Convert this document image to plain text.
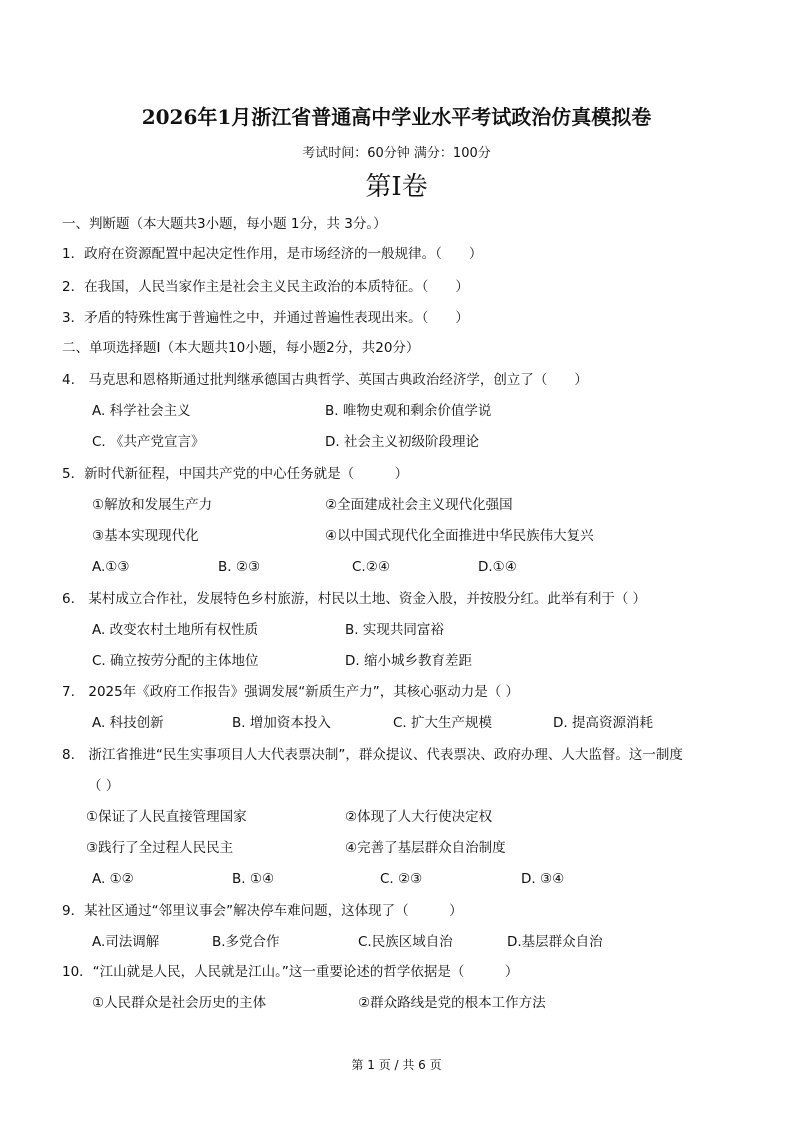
2026年1月浙江省普通高中学业水平考试政治仿真模拟卷
考试时间：60分钟 满分：100分
第Ⅰ卷
一、判断题（本大题共3小题，每小题 1分，共 3分。）
1．政府在资源配置中起决定性作用，是市场经济的一般规律。（　　）
2．在我国，人民当家作主是社会主义民主政治的本质特征。（　　）
3．矛盾的特殊性寓于普遍性之中，并通过普遍性表现出来。（　　）
二、单项选择题Ⅰ（本大题共10小题，每小题2分，共20分）
4.　马克思和恩格斯通过批判继承德国古典哲学、英国古典政治经济学，创立了（　　）
A. 科学社会主义	B. 唯物史观和剩余价值学说
C. 《共产党宣言》	D. 社会主义初级阶段理论
5．新时代新征程，中国共产党的中心任务就是（　　　）
①解放和发展生产力	②全面建成社会主义现代化强国
③基本实现现代化	④以中国式现代化全面推进中华民族伟大复兴
A.①③	B. ②③	C.②④	D.①④
6.　某村成立合作社，发展特色乡村旅游，村民以土地、资金入股，并按股分红。此举有利于（ ）
A. 改变农村土地所有权性质	B. 实现共同富裕
C. 确立按劳分配的主体地位	D. 缩小城乡教育差距
7.　2025年《政府工作报告》强调发展“新质生产力”，其核心驱动力是（ ）
A. 科技创新	B. 增加资本投入	C. 扩大生产规模	D. 提高资源消耗
8.　浙江省推进“民生实事项目人大代表票决制”，群众提议、代表票决、政府办理、人大监督。这一制度
（ ）
①保证了人民直接管理国家	②体现了人大行使决定权
③践行了全过程人民民主	④完善了基层群众自治制度
A. ①②	B. ①④	C. ②③	D. ③④
9．某社区通过“邻里议事会”解决停车难问题，这体现了（　　　）
A.司法调解	B.多党合作	C.民族区域自治	D.基层群众自治
10．“江山就是人民，人民就是江山。”这一重要论述的哲学依据是（　　　）
①人民群众是社会历史的主体	②群众路线是党的根本工作方法
第 1 页 / 共 6 页
